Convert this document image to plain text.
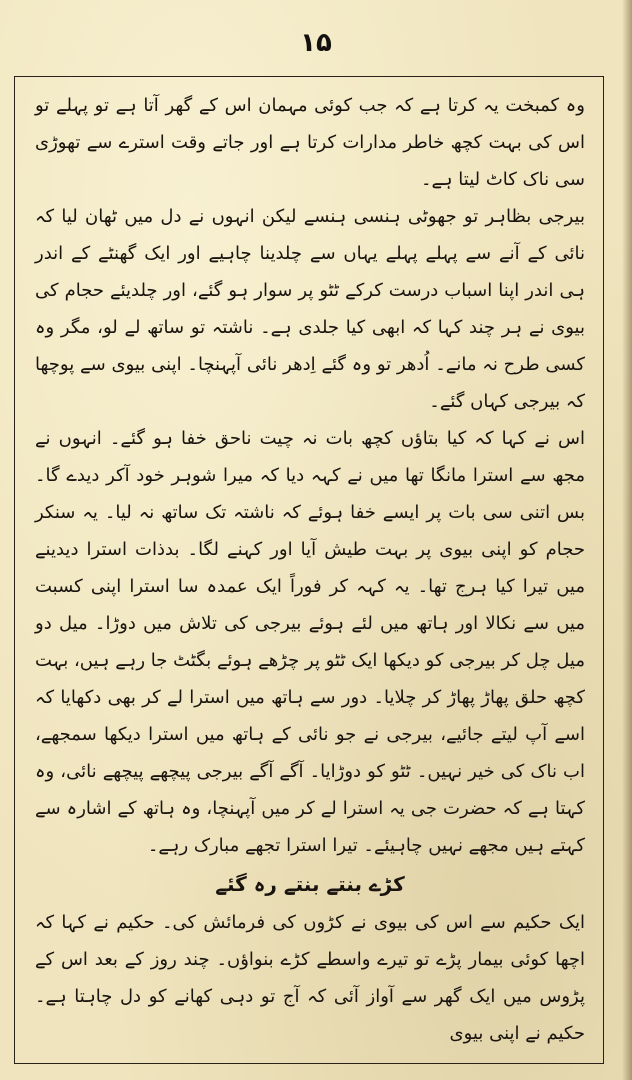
۱۵

وہ کمبخت یہ کرتا ہے کہ جب کوئی مہمان اس کے گھر آتا ہے تو پہلے تو اس کی بہت کچھ خاطر مدارات کرتا ہے اور جاتے وقت استرے سے تھوڑی سی ناک کاٹ لیتا ہے۔

بیرجی بظاہر تو جھوٹی ہنسی ہنسے لیکن انہوں نے دل میں ٹھان لیا کہ نائی کے آنے سے پہلے پہلے یہاں سے چلدینا چاہیے اور ایک گھنٹے کے اندر ہی اندر اپنا اسباب درست کرکے ٹٹو پر سوار ہو گئے، اور چلدیئے حجام کی بیوی نے ہر چند کہا کہ ابھی کیا جلدی ہے۔ ناشتہ تو ساتھ لے لو، مگر وہ کسی طرح نہ مانے۔ اُدھر تو وہ گئے اِدھر نائی آپہنچا۔ اپنی بیوی سے پوچھا کہ بیرجی کہاں گئے۔

اس نے کہا کہ کیا بتاؤں کچھ بات نہ چیت ناحق خفا ہو گئے۔ انہوں نے مجھ سے استرا مانگا تھا میں نے کہہ دیا کہ میرا شوہر خود آکر دیدے گا۔ بس اتنی سی بات پر ایسے خفا ہوئے کہ ناشتہ تک ساتھ نہ لیا۔ یہ سنکر حجام کو اپنی بیوی پر بہت طیش آیا اور کہنے لگا۔ بدذات استرا دیدینے میں تیرا کیا ہرج تھا۔ یہ کہہ کر فوراً ایک عمدہ سا استرا اپنی کسبت میں سے نکالا اور ہاتھ میں لئے ہوئے بیرجی کی تلاش میں دوڑا۔ میل دو میل چل کر بیرجی کو دیکھا ایک ٹٹو پر چڑھے ہوئے بگٹٹ جا رہے ہیں، بہت کچھ حلق پھاڑ پھاڑ کر چلایا۔ دور سے ہاتھ میں استرا لے کر بھی دکھایا کہ اسے آپ لیتے جائیے، بیرجی نے جو نائی کے ہاتھ میں استرا دیکھا سمجھے، اب ناک کی خیر نہیں۔ ٹٹو کو دوڑایا۔ آگے آگے بیرجی پیچھے پیچھے نائی، وہ کہتا ہے کہ حضرت جی یہ استرا لے کر میں آپہنچا، وہ ہاتھ کے اشارہ سے کہتے ہیں مجھے نہیں چاہیئے۔ تیرا استرا تجھے مبارک رہے۔

کڑے بنتے بنتے رہ گئے

ایک حکیم سے اس کی بیوی نے کڑوں کی فرمائش کی۔ حکیم نے کہا کہ اچھا کوئی بیمار پڑے تو تیرے واسطے کڑے بنواؤں۔ چند روز کے بعد اس کے پڑوس میں ایک گھر سے آواز آئی کہ آج تو دہی کھانے کو دل چاہتا ہے۔ حکیم نے اپنی بیوی
